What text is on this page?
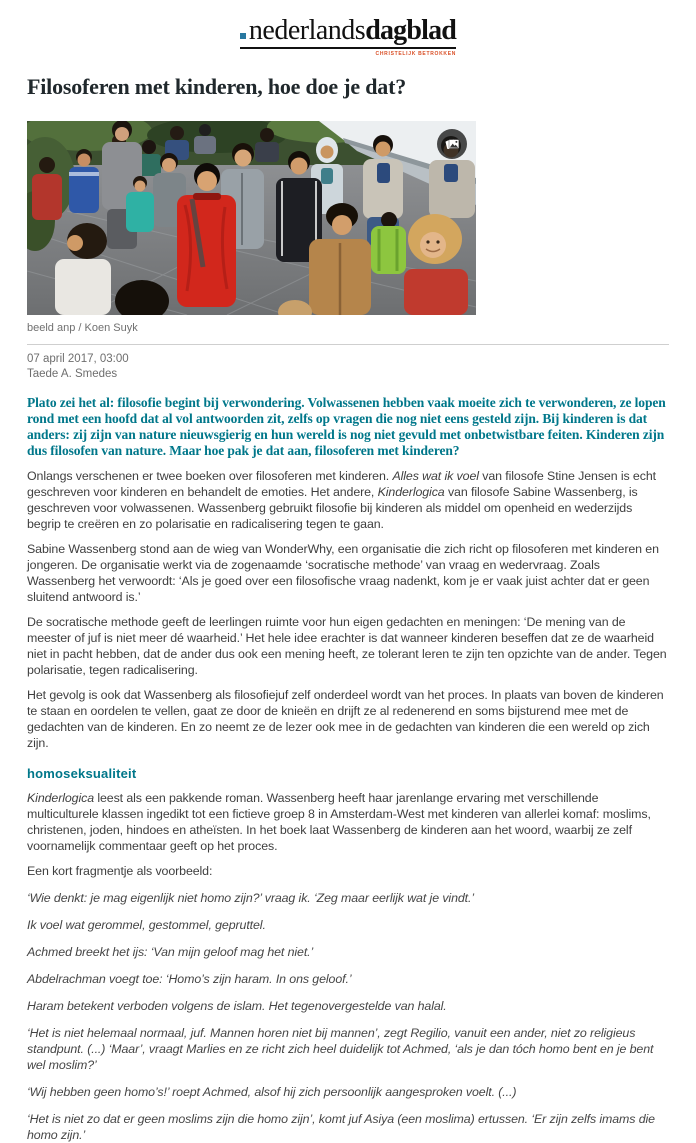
nederlands dagblad
CHRISTELIJK BETROKKEN
Filosoferen met kinderen, hoe doe je dat?
beeld anp / Koen Suyk
07 april 2017, 03:00
Taede A. Smedes

Plato zei het al: filosofie begint bij verwondering. Volwassenen hebben vaak moeite zich te verwonderen, ze lopen rond met een hoofd dat al vol antwoorden zit, zelfs op vragen die nog niet eens gesteld zijn. Bij kinderen is dat anders: zij zijn van nature nieuwsgierig en hun wereld is nog niet gevuld met onbetwistbare feiten. Kinderen zijn dus filosofen van nature. Maar hoe pak je dat aan, filosoferen met kinderen?

Onlangs verschenen er twee boeken over filosoferen met kinderen. Alles wat ik voel van filosofe Stine Jensen is echt geschreven voor kinderen en behandelt de emoties. Het andere, Kinderlogica van filosofe Sabine Wassenberg, is geschreven voor volwassenen. Wassenberg gebruikt filosofie bij kinderen als middel om openheid en wederzijds begrip te creëren en zo polarisatie en radicalisering tegen te gaan.

Sabine Wassenberg stond aan de wieg van WonderWhy, een organisatie die zich richt op filosoferen met kinderen en jongeren. De organisatie werkt via de zogenaamde ‘socratische methode’ van vraag en wedervraag. Zoals Wassenberg het verwoordt: ‘Als je goed over een filosofische vraag nadenkt, kom je er vaak juist achter dat er geen sluitend antwoord is.’

De socratische methode geeft de leerlingen ruimte voor hun eigen gedachten en meningen: ‘De mening van de meester of juf is niet meer dé waarheid.’ Het hele idee erachter is dat wanneer kinderen beseffen dat ze de waarheid niet in pacht hebben, dat de ander dus ook een mening heeft, ze tolerant leren te zijn ten opzichte van de ander. Tegen polarisatie, tegen radicalisering.

Het gevolg is ook dat Wassenberg als filosofiejuf zelf onderdeel wordt van het proces. In plaats van boven de kinderen te staan en oordelen te vellen, gaat ze door de knieën en drijft ze al redenerend en soms bijsturend mee met de gedachten van de kinderen. En zo neemt ze de lezer ook mee in de gedachten van kinderen die een wereld op zich zijn.

homoseksualiteit

Kinderlogica leest als een pakkende roman. Wassenberg heeft haar jarenlange ervaring met verschillende multiculturele klassen ingedikt tot een fictieve groep 8 in Amsterdam-West met kinderen van allerlei komaf: moslims, christenen, joden, hindoes en atheïsten. In het boek laat Wassenberg de kinderen aan het woord, waarbij ze zelf voornamelijk commentaar geeft op het proces.

Een kort fragmentje als voorbeeld:

‘Wie denkt: je mag eigenlijk niet homo zijn?’ vraag ik. ‘Zeg maar eerlijk wat je vindt.’

Ik voel wat gerommel, gestommel, gepruttel.

Achmed breekt het ijs: ‘Van mijn geloof mag het niet.’

Abdelrachman voegt toe: ‘Homo’s zijn haram. In ons geloof.’

Haram betekent verboden volgens de islam. Het tegenovergestelde van halal.

‘Het is niet helemaal normaal, juf. Mannen horen niet bij mannen’, zegt Regilio, vanuit een ander, niet zo religieus standpunt. (...) ‘Maar’, vraagt Marlies en ze richt zich heel duidelijk tot Achmed, ‘als je dan tóch homo bent en je bent wel moslim?’

‘Wij hebben geen homo’s!’ roept Achmed, alsof hij zich persoonlijk aangesproken voelt. (...)

‘Het is niet zo dat er geen moslims zijn die homo zijn’, komt juf Asiya (een moslima) ertussen. ‘Er zijn zelfs imams die homo zijn.’
